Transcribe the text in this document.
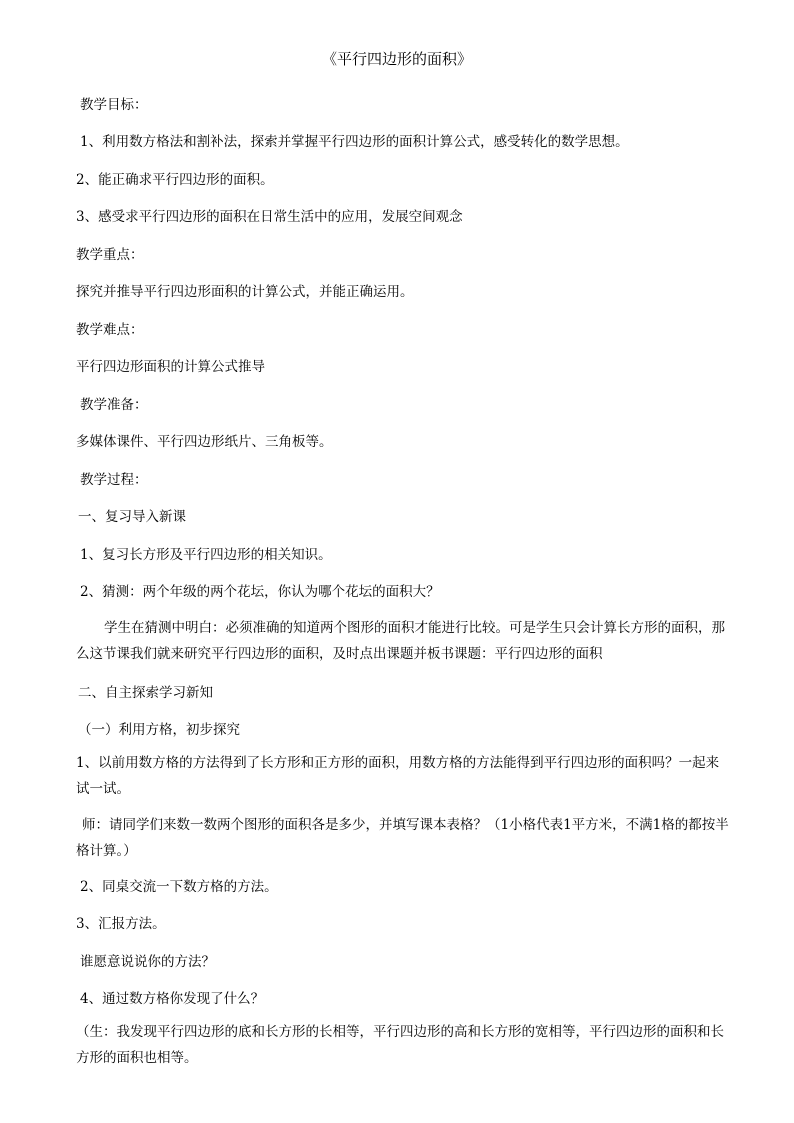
《平行四边形的面积》
教学目标：
1、利用数方格法和割补法，探索并掌握平行四边形的面积计算公式，感受转化的数学思想。
2、能正确求平行四边形的面积。
3、感受求平行四边形的面积在日常生活中的应用，发展空间观念
教学重点：
探究并推导平行四边形面积的计算公式，并能正确运用。
教学难点：
平行四边形面积的计算公式推导
教学准备：
多媒体课件、平行四边形纸片、三角板等。
教学过程：
一、复习导入新课
1、复习长方形及平行四边形的相关知识。
2、猜测：两个年级的两个花坛，你认为哪个花坛的面积大？
学生在猜测中明白：必须准确的知道两个图形的面积才能进行比较。可是学生只会计算长方形的面积，那么这节课我们就来研究平行四边形的面积，及时点出课题并板书课题：平行四边形的面积
二、自主探索学习新知
（一）利用方格，初步探究
1、以前用数方格的方法得到了长方形和正方形的面积，用数方格的方法能得到平行四边形的面积吗？一起来试一试。
师：请同学们来数一数两个图形的面积各是多少，并填写课本表格？（1小格代表1平方米，不满1格的都按半格计算。）
2、同桌交流一下数方格的方法。
3、汇报方法。
谁愿意说说你的方法？
4、通过数方格你发现了什么？
（生：我发现平行四边形的底和长方形的长相等，平行四边形的高和长方形的宽相等，平行四边形的面积和长方形的面积也相等。
